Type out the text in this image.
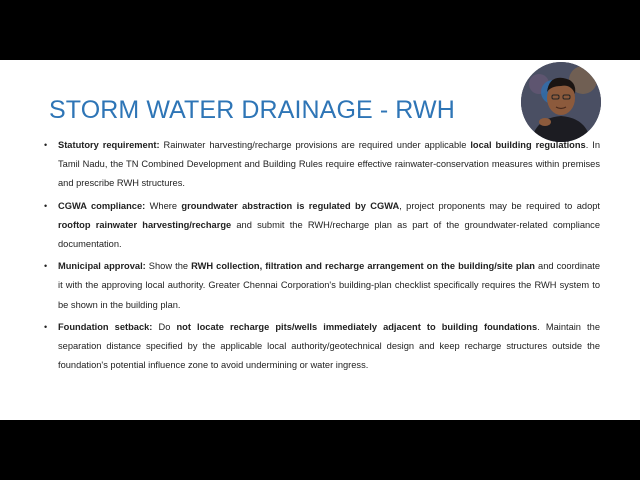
STORM WATER DRAINAGE - RWH
• Statutory requirement: Rainwater harvesting/recharge provisions are required under applicable local building regulations. In Tamil Nadu, the TN Combined Development and Building Rules require effective rainwater-conservation measures within premises and prescribe RWH structures.
• CGWA compliance: Where groundwater abstraction is regulated by CGWA, project proponents may be required to adopt rooftop rainwater harvesting/recharge and submit the RWH/recharge plan as part of the groundwater-related compliance documentation.
• Municipal approval: Show the RWH collection, filtration and recharge arrangement on the building/site plan and coordinate it with the approving local authority. Greater Chennai Corporation's building-plan checklist specifically requires the RWH system to be shown in the building plan.
• Foundation setback: Do not locate recharge pits/wells immediately adjacent to building foundations. Maintain the separation distance specified by the applicable local authority/geotechnical design and keep recharge structures outside the foundation's potential influence zone to avoid undermining or water ingress.
